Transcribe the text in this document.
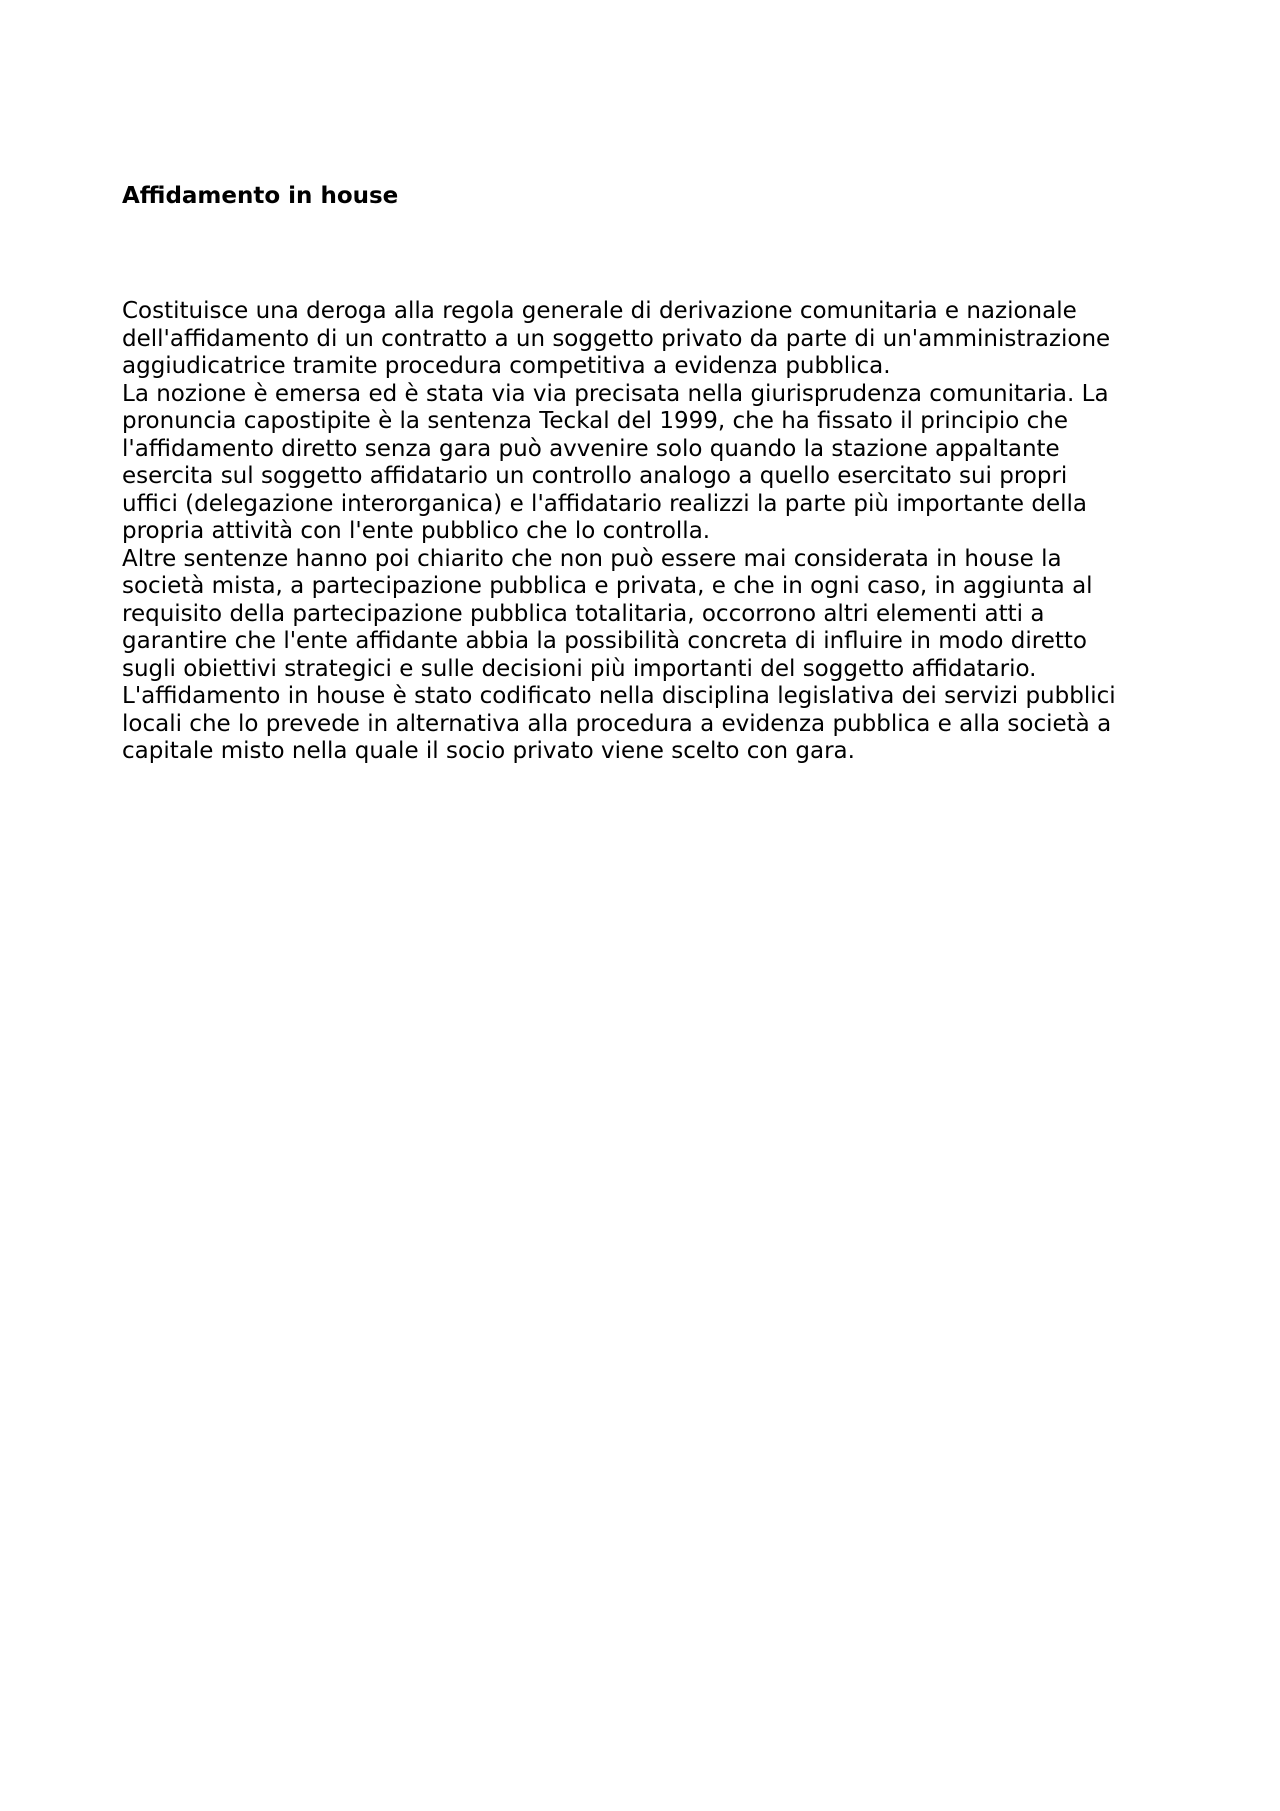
Affidamento in house
Costituisce una deroga alla regola generale di derivazione comunitaria e nazionale
dell'affidamento di un contratto a un soggetto privato da parte di un'amministrazione
aggiudicatrice tramite procedura competitiva a evidenza pubblica.
La nozione è emersa ed è stata via via precisata nella giurisprudenza comunitaria. La
pronuncia capostipite è la sentenza Teckal del 1999, che ha fissato il principio che
l'affidamento diretto senza gara può avvenire solo quando la stazione appaltante
esercita sul soggetto affidatario un controllo analogo a quello esercitato sui propri
uffici (delegazione interorganica) e l'affidatario realizzi la parte più importante della
propria attività con l'ente pubblico che lo controlla.
Altre sentenze hanno poi chiarito che non può essere mai considerata in house la
società mista, a partecipazione pubblica e privata, e che in ogni caso, in aggiunta al
requisito della partecipazione pubblica totalitaria, occorrono altri elementi atti a
garantire che l'ente affidante abbia la possibilità concreta di influire in modo diretto
sugli obiettivi strategici e sulle decisioni più importanti del soggetto affidatario.
L'affidamento in house è stato codificato nella disciplina legislativa dei servizi pubblici
locali che lo prevede in alternativa alla procedura a evidenza pubblica e alla società a
capitale misto nella quale il socio privato viene scelto con gara.
